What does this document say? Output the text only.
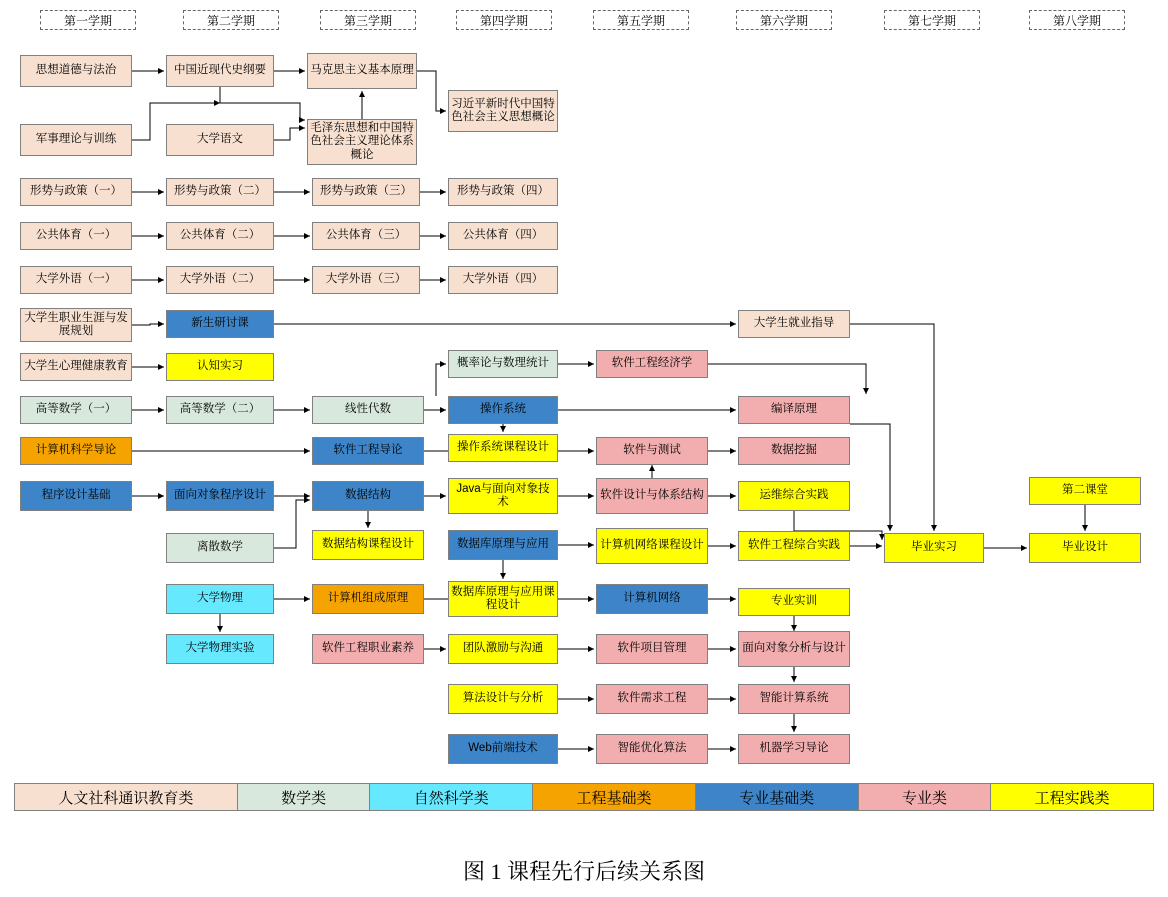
第一学期	第二学期	第三学期	第四学期	第五学期	第六学期	第七学期	第八学期
思想道德与法治	中国近现代史纲要	马克思主义基本原理
习近平新时代中国特色社会主义思想概论
军事理论与训练	大学语文
毛泽东思想和中国特色社会主义理论体系概论
形势与政策（一）	形势与政策（二）	形势与政策（三）	形势与政策（四）
公共体育（一）	公共体育（二）	公共体育（三）	公共体育（四）
大学外语（一）	大学外语（二）	大学外语（三）	大学外语（四）
大学生职业生涯与发展规划
新生研讨课	大学生就业指导
大学生心理健康教育	认知实习	概率论与数理统计	软件工程经济学
高等数学（一）	高等数学（二）	线性代数	操作系统	编译原理
计算机科学导论	软件工程导论	操作系统课程设计	软件与测试	数据挖掘
程序设计基础	面向对象程序设计	数据结构
Java与面向对象技术
软件设计与体系结构	运维综合实践	第二课堂
离散数学	数据结构课程设计	数据库原理与应用	计算机网络课程设计	软件工程综合实践	毕业实习	毕业设计
大学物理	计算机组成原理
数据库原理与应用课程设计
计算机网络	专业实训
大学物理实验	软件工程职业素养	团队激励与沟通	软件项目管理	面向对象分析与设计
算法设计与分析	软件需求工程	智能计算系统
Web前端技术	智能优化算法	机器学习导论
人文社科通识教育类	数学类	自然科学类	工程基础类	专业基础类	专业类	工程实践类
图 1 课程先行后续关系图
